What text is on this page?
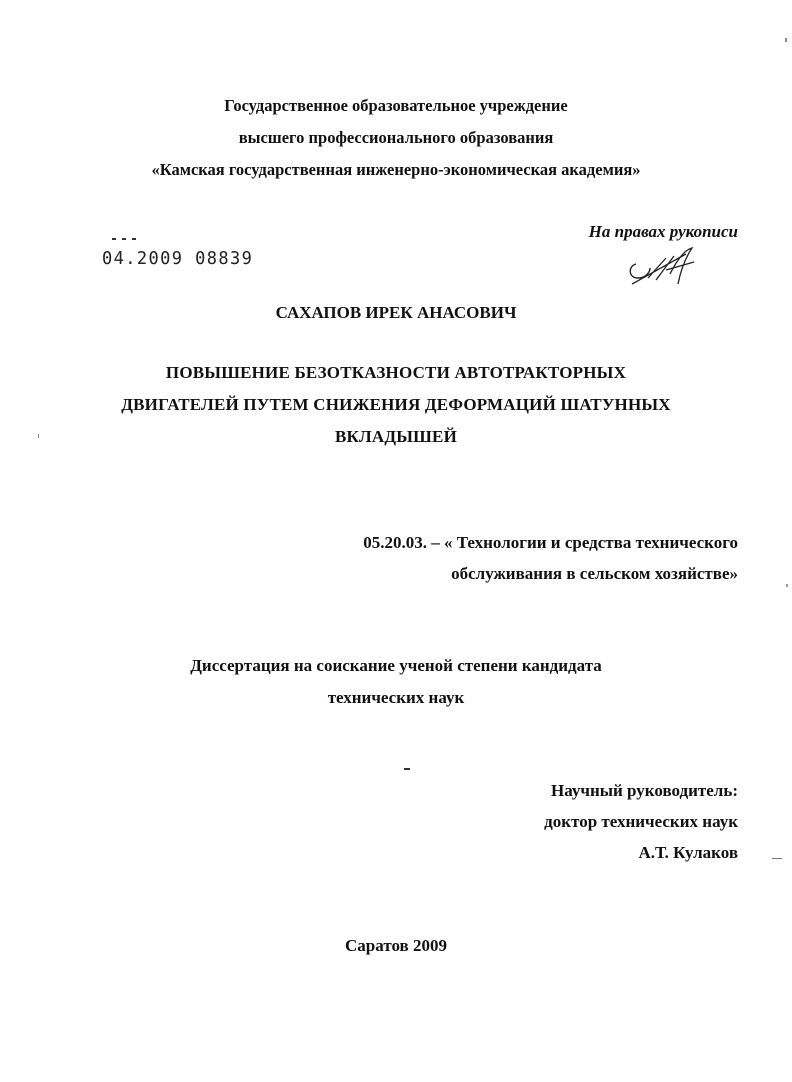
Государственное образовательное учреждение
высшего профессионального образования
«Камская государственная инженерно-экономическая академия»
На правах рукописи
04.2009 08839
САХАПОВ ИРЕК АНАСОВИЧ
ПОВЫШЕНИЕ БЕЗОТКАЗНОСТИ АВТОТРАКТОРНЫХ
ДВИГАТЕЛЕЙ ПУТЕМ СНИЖЕНИЯ ДЕФОРМАЦИЙ ШАТУННЫХ
ВКЛАДЫШЕЙ
05.20.03. – « Технологии и средства технического
обслуживания в сельском хозяйстве»
Диссертация на соискание ученой степени кандидата
технических наук
Научный руководитель:
доктор технических наук
А.Т. Кулаков
Саратов 2009
